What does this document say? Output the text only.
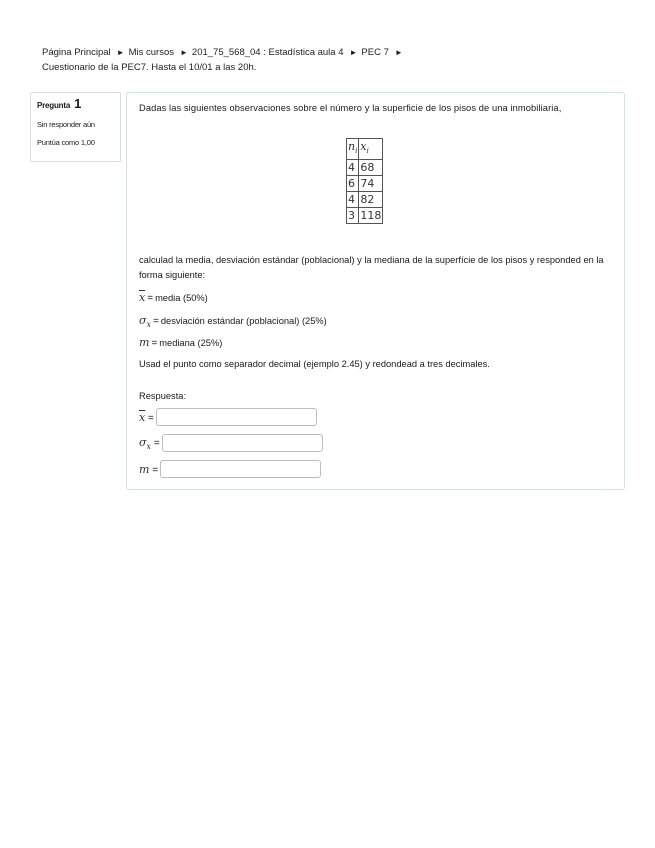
Página Principal ► Mis cursos ► 201_75_568_04 : Estadística aula 4 ► PEC 7 ►
Cuestionario de la PEC7. Hasta el 10/01 a las 20h.
Pregunta 1
Sin responder aún
Puntúa como 1,00
Dadas las siguientes observaciones sobre el número y la superficie de los pisos de una inmobiliaria,
$n_i$	$x_i$
4	68
6	74
4	82
3	118
calculad la media, desviación estándar (poblacional) y la mediana de la superfície de los pisos y responded en la forma siguiente:
$\overline{x}$ = media (50%)
$\sigma_x$ = desviación estándar (poblacional) (25%)
m = mediana (25%)
Usad el punto como separador decimal (ejemplo 2.45) y redondead a tres decimales.
Respuesta:
$\overline{x}$ =
$\sigma_x$ =
m =
